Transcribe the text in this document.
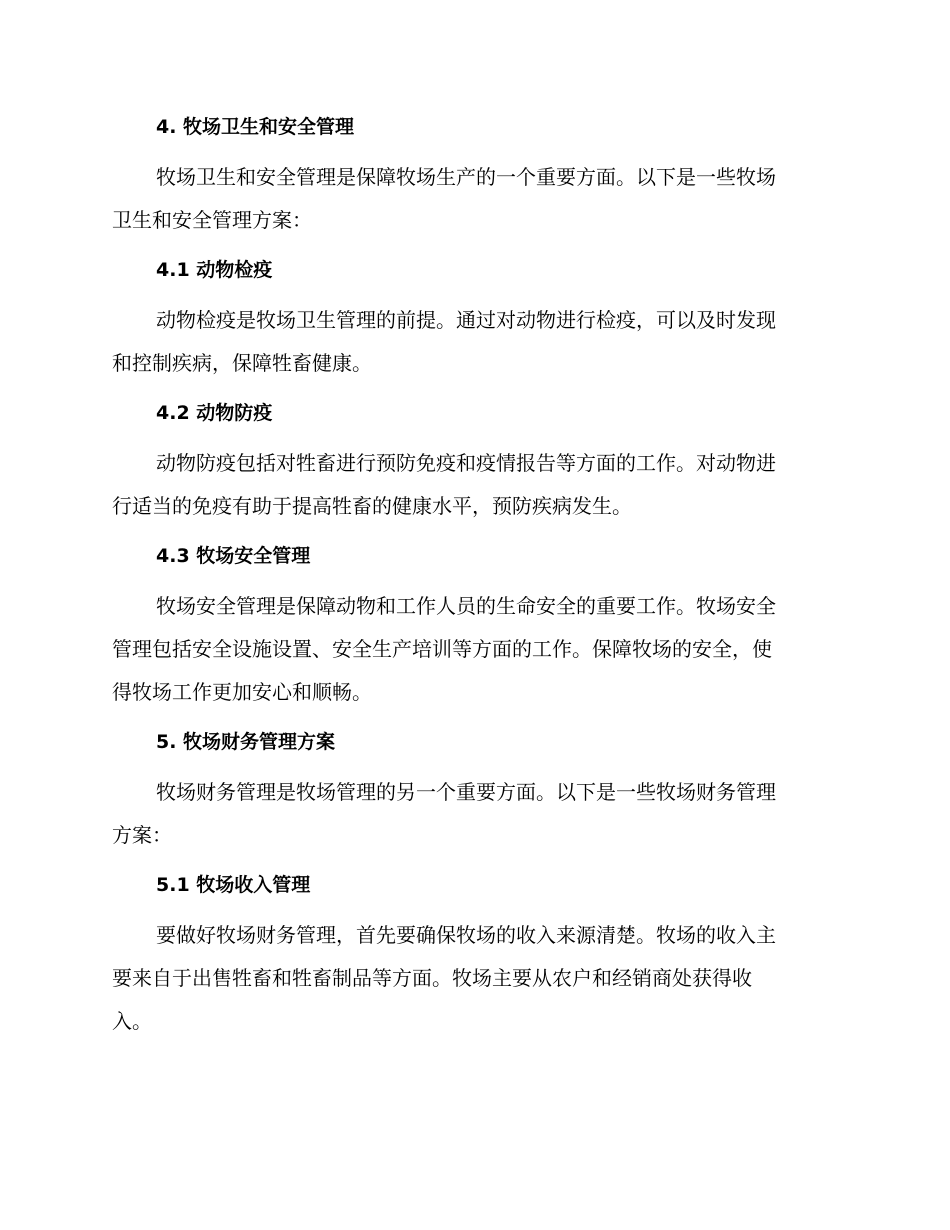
4. 牧场卫生和安全管理
牧场卫生和安全管理是保障牧场生产的一个重要方面。以下是一些牧场
卫生和安全管理方案：
4.1 动物检疫
动物检疫是牧场卫生管理的前提。通过对动物进行检疫，可以及时发现
和控制疾病，保障牲畜健康。
4.2 动物防疫
动物防疫包括对牲畜进行预防免疫和疫情报告等方面的工作。对动物进
行适当的免疫有助于提高牲畜的健康水平，预防疾病发生。
4.3 牧场安全管理
牧场安全管理是保障动物和工作人员的生命安全的重要工作。牧场安全
管理包括安全设施设置、安全生产培训等方面的工作。保障牧场的安全，使
得牧场工作更加安心和顺畅。
5. 牧场财务管理方案
牧场财务管理是牧场管理的另一个重要方面。以下是一些牧场财务管理
方案：
5.1 牧场收入管理
要做好牧场财务管理，首先要确保牧场的收入来源清楚。牧场的收入主
要来自于出售牲畜和牲畜制品等方面。牧场主要从农户和经销商处获得收
入。
